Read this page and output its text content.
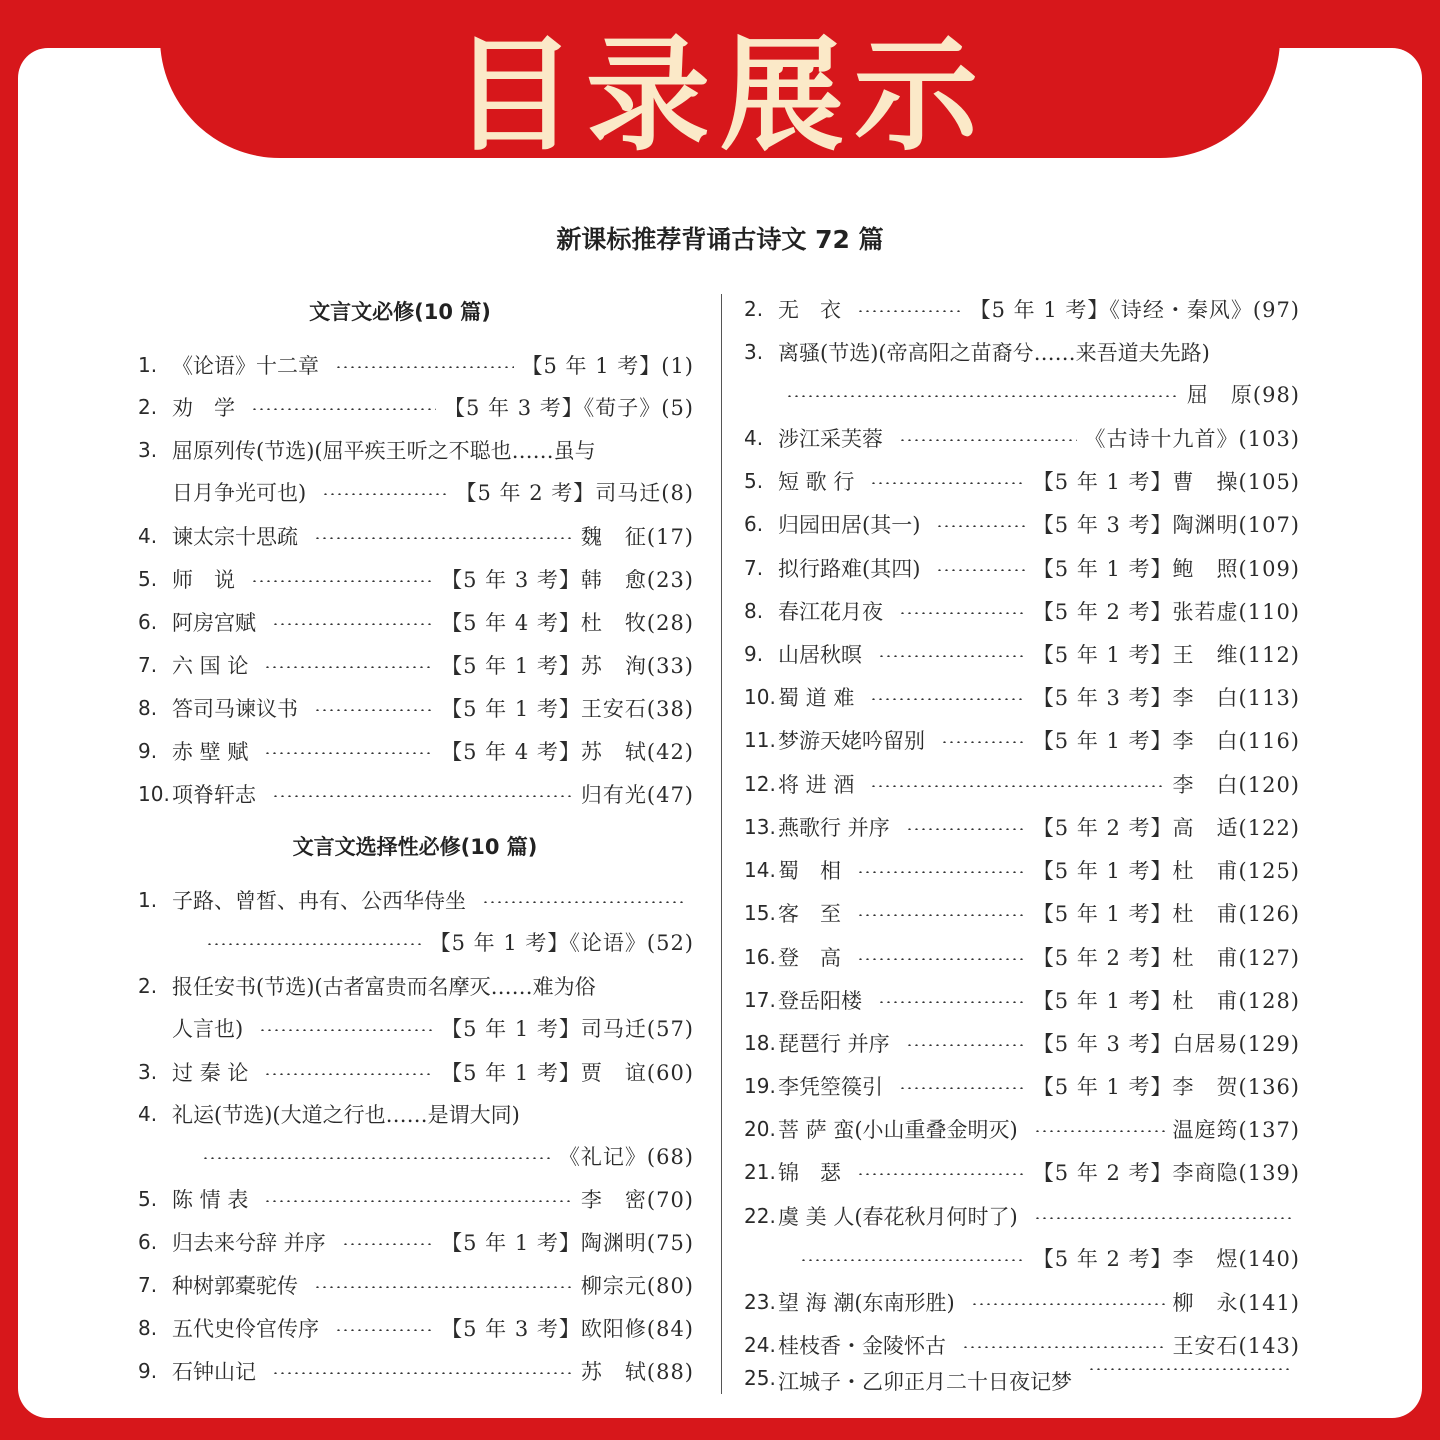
目录展示
新课标推荐背诵古诗文 72 篇
文言文必修(10 篇)
文言文选择性必修(10 篇)
1. 《论语》十二章	【5 年 1 考】(1)
2. 劝　学	【5 年 3 考】《荀子》(5)
3. 屈原列传(节选)(屈平疾王听之不聪也……虽与
日月争光可也)	【5 年 2 考】司马迁(8)
4. 谏太宗十思疏	魏　征(17)
5. 师　说	【5 年 3 考】韩　愈(23)
6. 阿房宫赋	【5 年 4 考】杜　牧(28)
7. 六 国 论	【5 年 1 考】苏　洵(33)
8. 答司马谏议书	【5 年 1 考】王安石(38)
9. 赤 壁 赋	【5 年 4 考】苏　轼(42)
10. 项脊轩志	归有光(47)
1. 子路、曾皙、冉有、公西华侍坐
【5 年 1 考】《论语》(52)
2. 报任安书(节选)(古者富贵而名摩灭……难为俗
人言也)	【5 年 1 考】司马迁(57)
3. 过 秦 论	【5 年 1 考】贾　谊(60)
4. 礼运(节选)(大道之行也……是谓大同)
《礼记》(68)
5. 陈 情 表	李　密(70)
6. 归去来兮辞 并序	【5 年 1 考】陶渊明(75)
7. 种树郭橐驼传	柳宗元(80)
8. 五代史伶官传序	【5 年 3 考】欧阳修(84)
9. 石钟山记	苏　轼(88)
2. 无　衣	【5 年 1 考】《诗经・秦风》(97)
3. 离骚(节选)(帝高阳之苗裔兮……来吾道夫先路)
屈　原(98)
4. 涉江采芙蓉	《古诗十九首》(103)
5. 短 歌 行	【5 年 1 考】曹　操(105)
6. 归园田居(其一)	【5 年 3 考】陶渊明(107)
7. 拟行路难(其四)	【5 年 1 考】鲍　照(109)
8. 春江花月夜	【5 年 2 考】张若虚(110)
9. 山居秋暝	【5 年 1 考】王　维(112)
10. 蜀 道 难	【5 年 3 考】李　白(113)
11. 梦游天姥吟留别	【5 年 1 考】李　白(116)
12. 将 进 酒	李　白(120)
13. 燕歌行 并序	【5 年 2 考】高　适(122)
14. 蜀　相	【5 年 1 考】杜　甫(125)
15. 客　至	【5 年 1 考】杜　甫(126)
16. 登　高	【5 年 2 考】杜　甫(127)
17. 登岳阳楼	【5 年 1 考】杜　甫(128)
18. 琵琶行 并序	【5 年 3 考】白居易(129)
19. 李凭箜篌引	【5 年 1 考】李　贺(136)
20. 菩 萨 蛮(小山重叠金明灭)	温庭筠(137)
21. 锦　瑟	【5 年 2 考】李商隐(139)
22. 虞 美 人(春花秋月何时了)
【5 年 2 考】李　煜(140)
23. 望 海 潮(东南形胜)	柳　永(141)
24. 桂枝香・金陵怀古	王安石(143)
25. 江城子・乙卯正月二十日夜记梦
